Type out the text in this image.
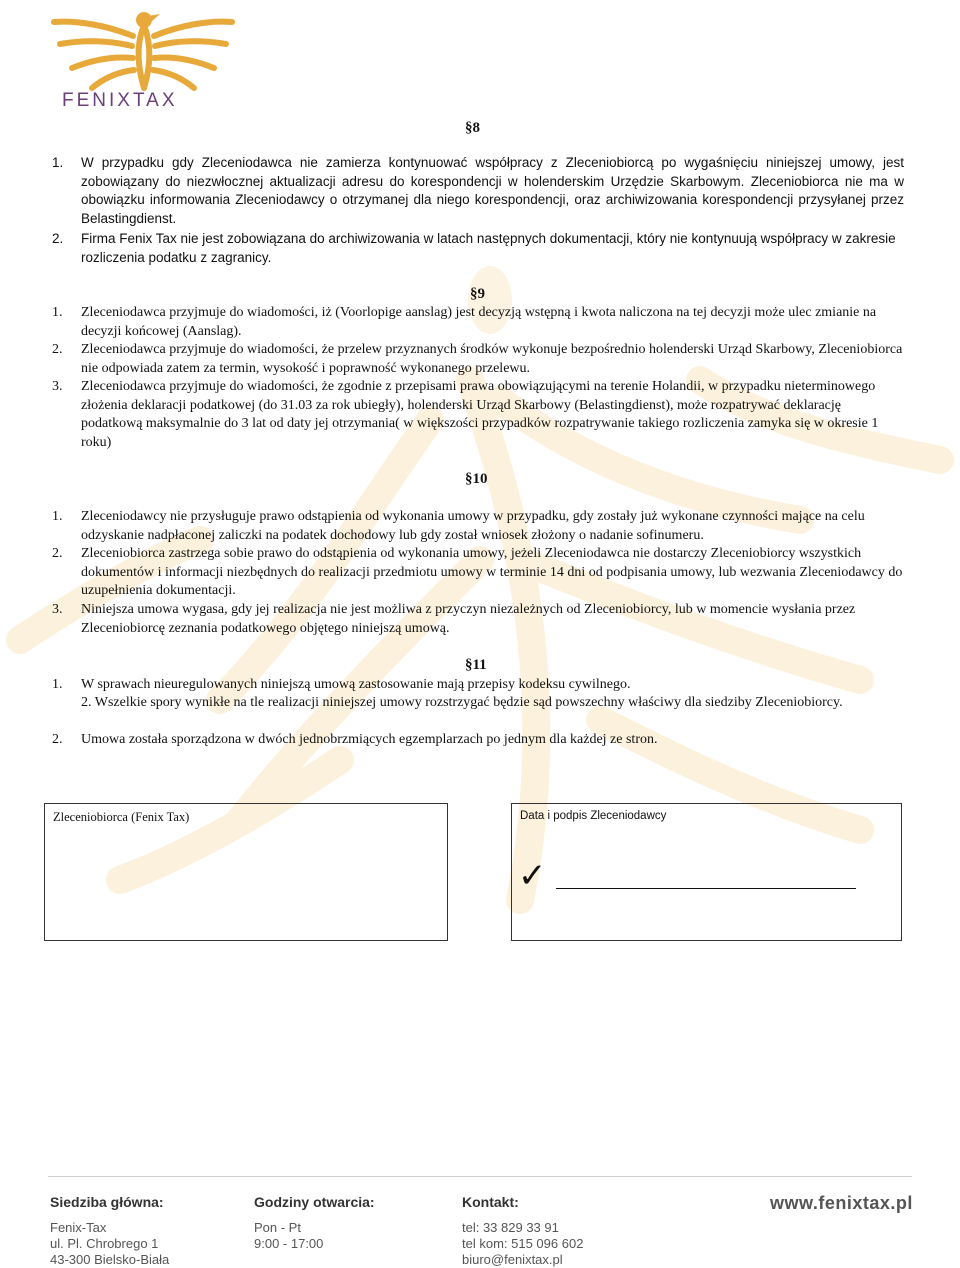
FENIXTAX
§8
1. W przypadku gdy Zleceniodawca nie zamierza kontynuować współpracy z Zleceniobiorcą po wygaśnięciu niniejszej umowy, jest zobowiązany do niezwłocznej aktualizacji adresu do korespondencji w holenderskim Urzędzie Skarbowym. Zleceniobiorca nie ma w obowiązku informowania Zleceniodawcy o otrzymanej dla niego korespondencji, oraz archiwizowania korespondencji przysyłanej przez Belastingdienst.
2. Firma Fenix Tax nie jest zobowiązana do archiwizowania w latach następnych dokumentacji, który nie kontynuują współpracy w zakresie rozliczenia podatku z zagranicy.
§9
1. Zleceniodawca przyjmuje do wiadomości, iż (Voorlopige aanslag) jest decyzją wstępną i kwota naliczona na tej decyzji może ulec zmianie na decyzji końcowej (Aanslag).
2. Zleceniodawca przyjmuje do wiadomości, że przelew przyznanych środków wykonuje bezpośrednio holenderski Urząd Skarbowy, Zleceniobiorca nie odpowiada zatem za termin, wysokość i poprawność wykonanego przelewu.
3. Zleceniodawca przyjmuje do wiadomości, że zgodnie z przepisami prawa obowiązującymi na terenie Holandii, w przypadku nieterminowego złożenia deklaracji podatkowej (do 31.03 za rok ubiegły), holenderski Urząd Skarbowy (Belastingdienst), może rozpatrywać deklarację podatkową maksymalnie do 3 lat od daty jej otrzymania( w większości przypadków rozpatrywanie takiego rozliczenia zamyka się w okresie 1 roku)
§10
1. Zleceniodawcy nie przysługuje prawo odstąpienia od wykonania umowy w przypadku, gdy zostały już wykonane czynności mające na celu odzyskanie nadpłaconej zaliczki na podatek dochodowy lub gdy został wniosek złożony o nadanie sofinumeru.
2. Zleceniobiorca zastrzega sobie prawo do odstąpienia od wykonania umowy, jeżeli Zleceniodawca nie dostarczy Zleceniobiorcy wszystkich dokumentów i informacji niezbędnych do realizacji przedmiotu umowy w terminie 14 dni od podpisania umowy, lub wezwania Zleceniodawcy do uzupełnienia dokumentacji.
3. Niniejsza umowa wygasa, gdy jej realizacja nie jest możliwa z przyczyn niezależnych od Zleceniobiorcy, lub w momencie wysłania przez Zleceniobiorcę zeznania podatkowego objętego niniejszą umową.
§11
1. W sprawach nieuregulowanych niniejszą umową zastosowanie mają przepisy kodeksu cywilnego.
2. Wszelkie spory wynikłe na tle realizacji niniejszej umowy rozstrzygać będzie sąd powszechny właściwy dla siedziby Zleceniobiorcy.
2. Umowa została sporządzona w dwóch jednobrzmiących egzemplarzach po jednym dla każdej ze stron.
Zleceniobiorca (Fenix Tax)	Data i podpis Zleceniodawcy
✓
Siedziba główna:
Fenix-Tax
ul. Pl. Chrobrego 1
43-300 Bielsko-Biała
Godziny otwarcia:
Pon - Pt
9:00 - 17:00
Kontakt:
tel: 33 829 33 91
tel kom: 515 096 602
biuro@fenixtax.pl
www.fenixtax.pl
